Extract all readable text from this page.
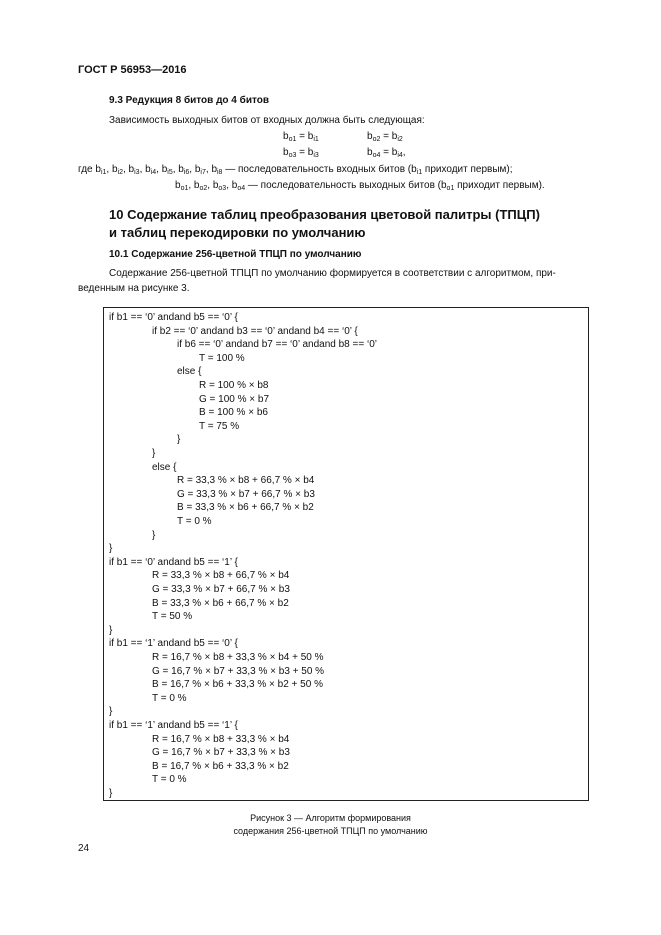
ГОСТ Р 56953—2016
9.3 Редукция 8 битов до 4 битов
Зависимость выходных битов от входных должна быть следующая:
$b_{o1} = b_{i1}$	$b_{o2} = b_{i2}$
$b_{o3} = b_{i3}$	$b_{o4} = b_{i4}$,
где $b_{i1}$, $b_{i2}$, $b_{i3}$, $b_{i4}$, $b_{i5}$, $b_{i6}$, $b_{i7}$, $b_{i8}$ — последовательность входных битов ($b_{i1}$ приходит первым);
$b_{o1}$, $b_{o2}$, $b_{o3}$, $b_{o4}$ — последовательность выходных битов ($b_{o1}$ приходит первым).
10 Содержание таблиц преобразования цветовой палитры (ТПЦП)
и таблиц перекодировки по умолчанию
10.1 Содержание 256-цветной ТПЦП по умолчанию
Содержание 256-цветной ТПЦП по умолчанию формируется в соответствии с алгоритмом, при-
веденным на рисунке 3.
if b1 == ‘0’ andand b5 == ‘0’ {
if b2 == ‘0’ andand b3 == ‘0’ andand b4 == ‘0’ {
if b6 == ‘0’ andand b7 == ‘0’ andand b8 == ‘0’
T = 100 %
else {
R = 100 % × b8
G = 100 % × b7
B = 100 % × b6
T = 75 %
}
}
else {
R = 33,3 % × b8 + 66,7 % × b4
G = 33,3 % × b7 + 66,7 % × b3
B = 33,3 % × b6 + 66,7 % × b2
T = 0 %
}
}
if b1 == ‘0’ andand b5 == ‘1’ {
R = 33,3 % × b8 + 66,7 % × b4
G = 33,3 % × b7 + 66,7 % × b3
B = 33,3 % × b6 + 66,7 % × b2
T = 50 %
}
if b1 == ‘1’ andand b5 == ‘0’ {
R = 16,7 % × b8 + 33,3 % × b4 + 50 %
G = 16,7 % × b7 + 33,3 % × b3 + 50 %
B = 16,7 % × b6 + 33,3 % × b2 + 50 %
T = 0 %
}
if b1 == ‘1’ andand b5 == ‘1’ {
R = 16,7 % × b8 + 33,3 % × b4
G = 16,7 % × b7 + 33,3 % × b3
B = 16,7 % × b6 + 33,3 % × b2
T = 0 %
}
Рисунок 3 — Алгоритм формирования
содержания 256-цветной ТПЦП по умолчанию
24
